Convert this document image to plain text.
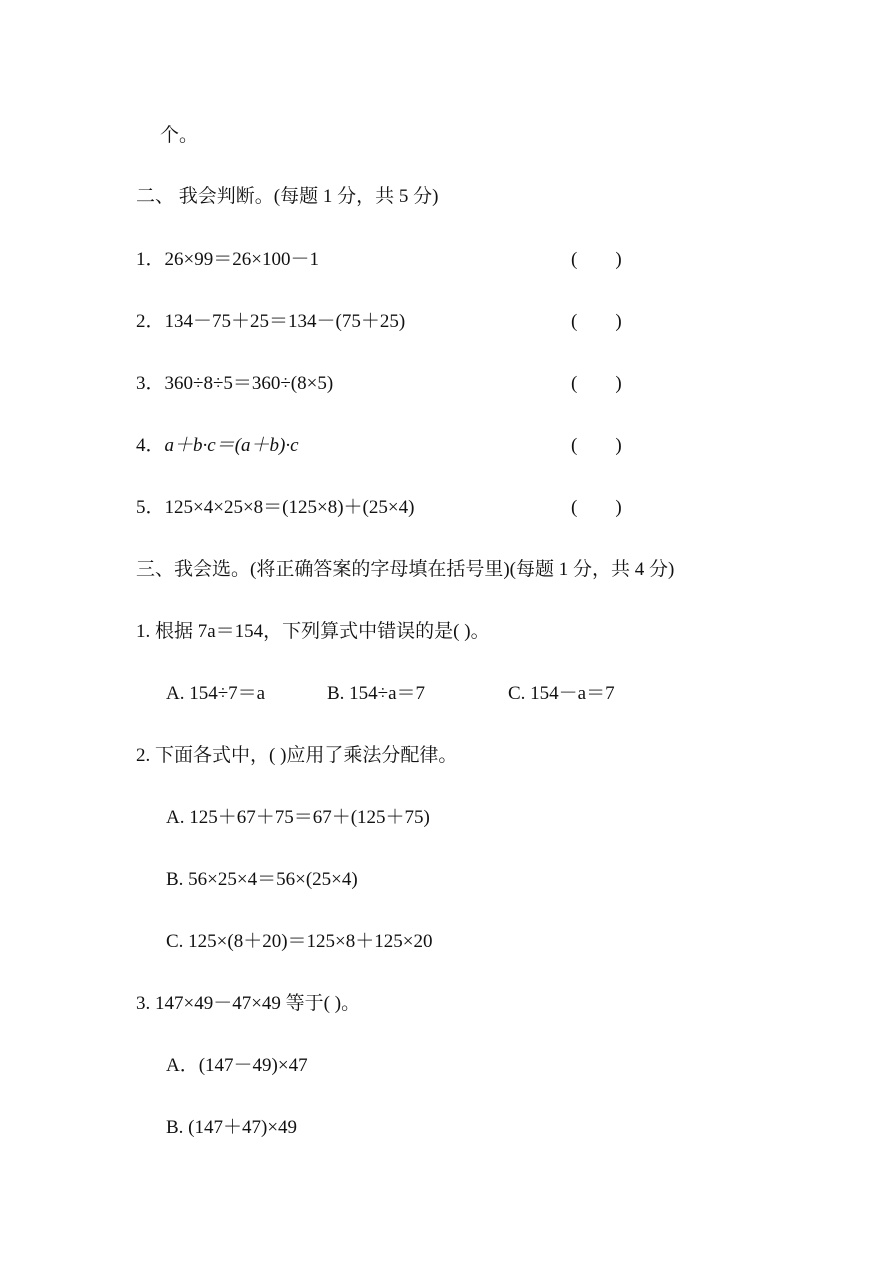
个。
二、 我会判断。(每题 1 分，共 5 分)
1．26×99＝26×100－1	(        )
2．134－75＋25＝134－(75＋25)	(        )
3．360÷8÷5＝360÷(8×5)	(        )
4．a＋b·c＝(a＋b)·c	(        )
5．125×4×25×8＝(125×8)＋(25×4)	(        )
三、我会选。(将正确答案的字母填在括号里)(每题 1 分，共 4 分)
1. 根据 7a＝154，下列算式中错误的是( )。
A. 154÷7＝a	B. 154÷a＝7	C. 154－a＝7
2. 下面各式中，( )应用了乘法分配律。
A. 125＋67＋75＝67＋(125＋75)
B. 56×25×4＝56×(25×4)
C. 125×(8＋20)＝125×8＋125×20
3. 147×49－47×49 等于( )。
A．(147－49)×47
B. (147＋47)×49
